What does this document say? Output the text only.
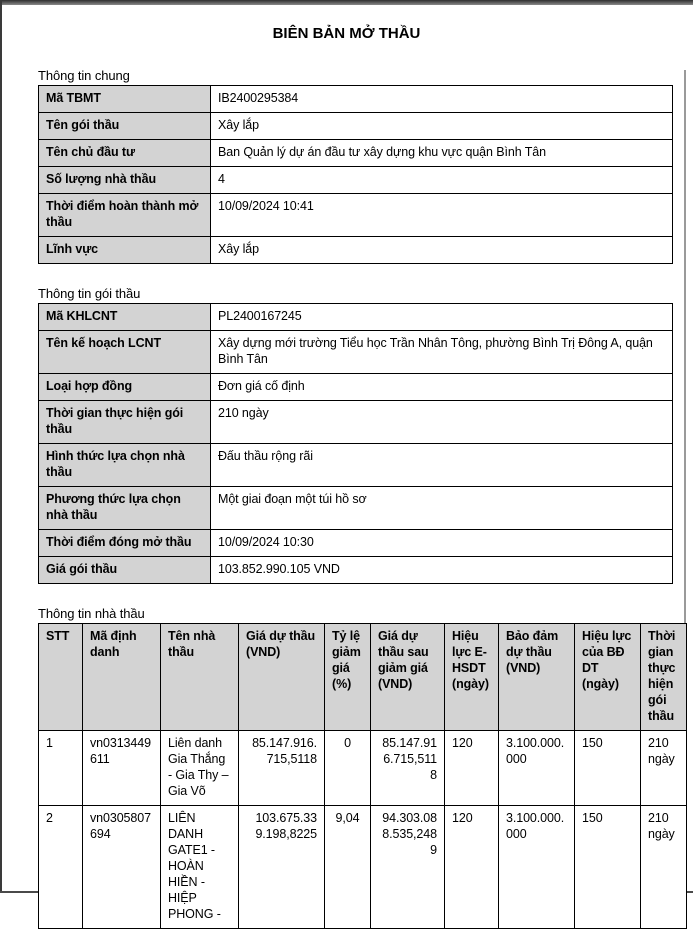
BIÊN BẢN MỞ THẦU
Thông tin chung
Mã TBMT	IB2400295384
Tên gói thầu	Xây lắp
Tên chủ đầu tư	Ban Quản lý dự án đầu tư xây dựng khu vực quận Bình Tân
Số lượng nhà thầu	4
Thời điểm hoàn thành mở thầu	10/09/2024 10:41
Lĩnh vực	Xây lắp
Thông tin gói thầu
Mã KHLCNT	PL2400167245
Tên kế hoạch LCNT	Xây dựng mới trường Tiểu học Trần Nhân Tông, phường Bình Trị Đông A, quận Bình Tân
Loại hợp đồng	Đơn giá cố định
Thời gian thực hiện gói thầu	210 ngày
Hình thức lựa chọn nhà thầu	Đấu thầu rộng rãi
Phương thức lựa chọn nhà thầu	Một giai đoạn một túi hồ sơ
Thời điểm đóng mở thầu	10/09/2024 10:30
Giá gói thầu	103.852.990.105 VND
Thông tin nhà thầu
STT	Mã định danh	Tên nhà thầu	Giá dự thầu (VND)	Tỷ lệ giảm giá (%)	Giá dự thầu sau giảm giá (VND)	Hiệu lực E-HSDT (ngày)	Bảo đảm dự thầu (VND)	Hiệu lực của BĐ DT (ngày)	Thời gian thực hiện gói thầu
1	vn0313449611	Liên danh Gia Thắng - Gia Thy – Gia Võ	85.147.916.715,5118	0	85.147.916.715,5118	120	3.100.000.000	150	210 ngày
2	vn0305807694	LIÊN DANH GATE1 - HOÀN HIỀN - HIỆP PHONG -	103.675.339.198,8225	9,04	94.303.088.535,2489	120	3.100.000.000	150	210 ngày
